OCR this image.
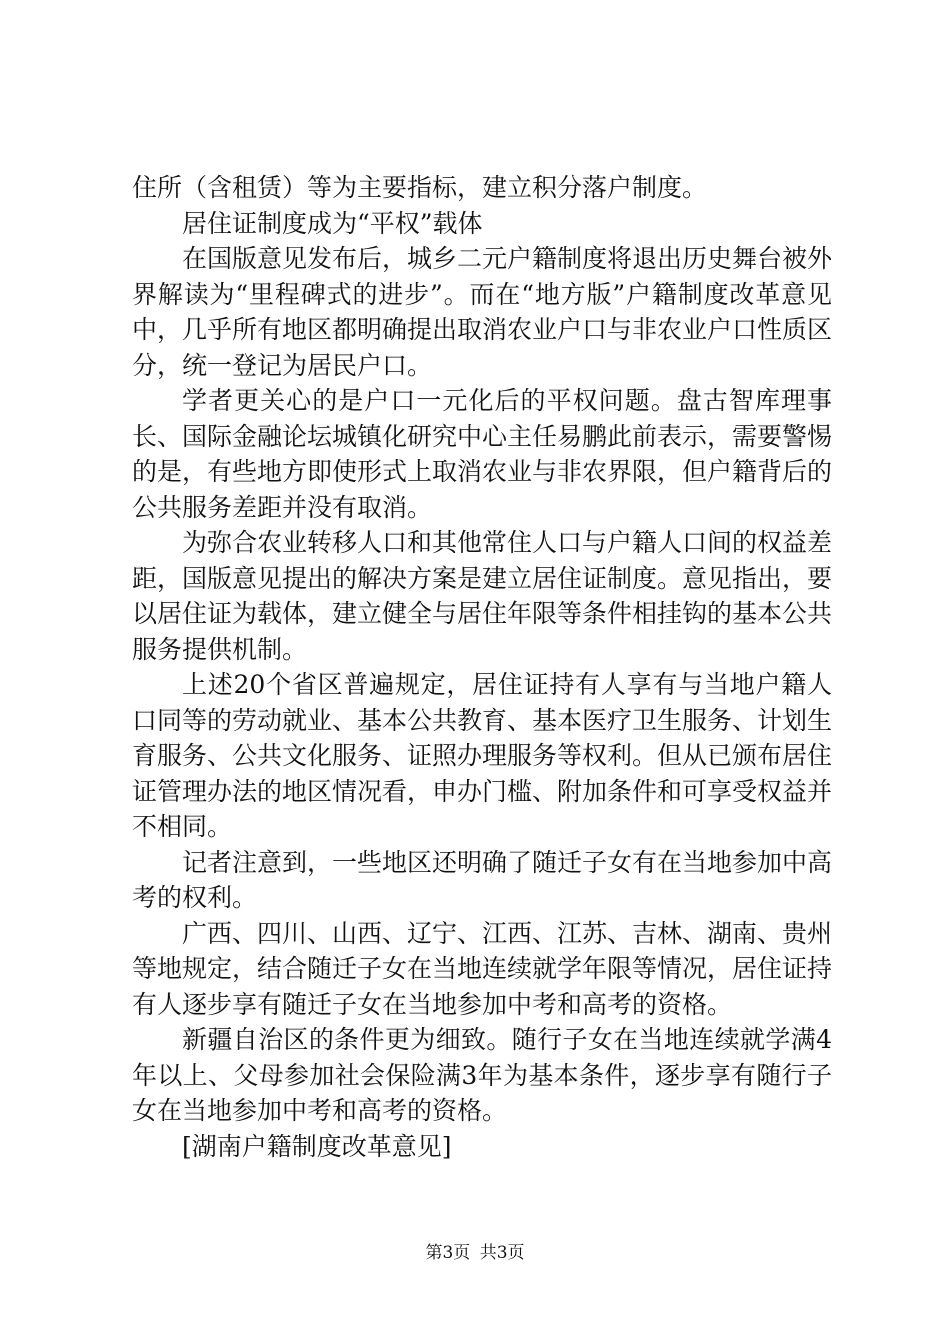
住所（含租赁）等为主要指标，建立积分落户制度。

居住证制度成为“平权”载体

在国版意见发布后，城乡二元户籍制度将退出历史舞台被外界解读为“里程碑式的进步”。而在“地方版”户籍制度改革意见中，几乎所有地区都明确提出取消农业户口与非农业户口性质区分，统一登记为居民户口。

学者更关心的是户口一元化后的平权问题。盘古智库理事长、国际金融论坛城镇化研究中心主任易鹏此前表示，需要警惕的是，有些地方即使形式上取消农业与非农界限，但户籍背后的公共服务差距并没有取消。

为弥合农业转移人口和其他常住人口与户籍人口间的权益差距，国版意见提出的解决方案是建立居住证制度。意见指出，要以居住证为载体，建立健全与居住年限等条件相挂钩的基本公共服务提供机制。

上述20个省区普遍规定，居住证持有人享有与当地户籍人口同等的劳动就业、基本公共教育、基本医疗卫生服务、计划生育服务、公共文化服务、证照办理服务等权利。但从已颁布居住证管理办法的地区情况看，申办门槛、附加条件和可享受权益并不相同。

记者注意到，一些地区还明确了随迁子女有在当地参加中高考的权利。

广西、四川、山西、辽宁、江西、江苏、吉林、湖南、贵州等地规定，结合随迁子女在当地连续就学年限等情况，居住证持有人逐步享有随迁子女在当地参加中考和高考的资格。

新疆自治区的条件更为细致。随行子女在当地连续就学满4年以上、父母参加社会保险满3年为基本条件，逐步享有随行子女在当地参加中考和高考的资格。

[湖南户籍制度改革意见]

第3页 共3页
